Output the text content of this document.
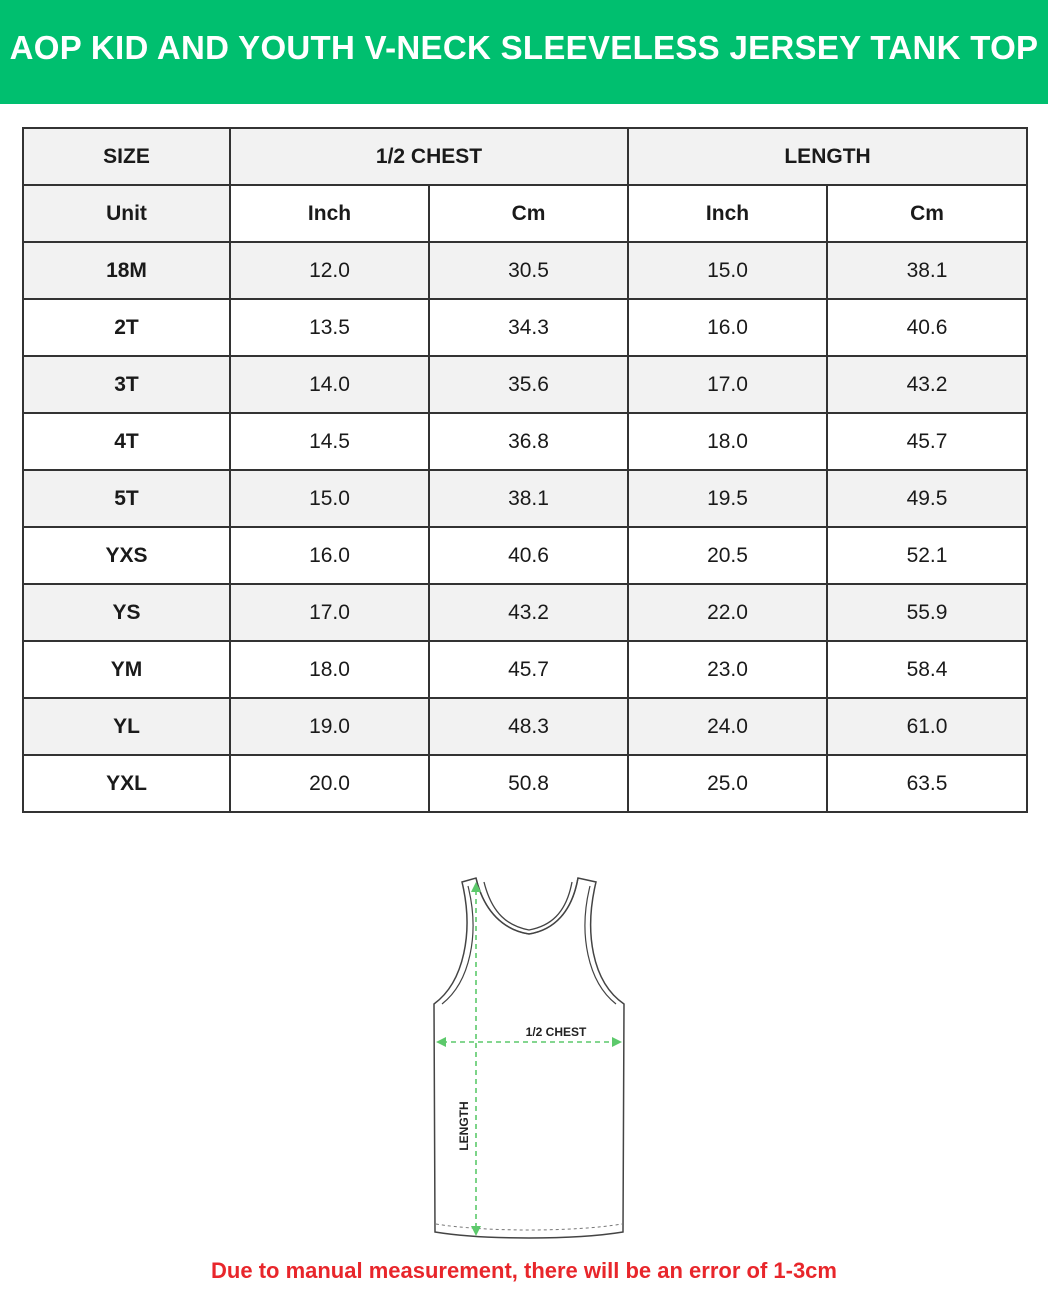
AOP KID AND YOUTH V-NECK SLEEVELESS JERSEY TANK TOP
SIZE	1/2 CHEST		LENGTH	
Unit	Inch	Cm	Inch	Cm
18M	12.0	30.5	15.0	38.1
2T	13.5	34.3	16.0	40.6
3T	14.0	35.6	17.0	43.2
4T	14.5	36.8	18.0	45.7
5T	15.0	38.1	19.5	49.5
YXS	16.0	40.6	20.5	52.1
YS	17.0	43.2	22.0	55.9
YM	18.0	45.7	23.0	58.4
YL	19.0	48.3	24.0	61.0
YXL	20.0	50.8	25.0	63.5
1/2 CHEST
LENGTH
Due to manual measurement, there will be an error of 1-3cm
